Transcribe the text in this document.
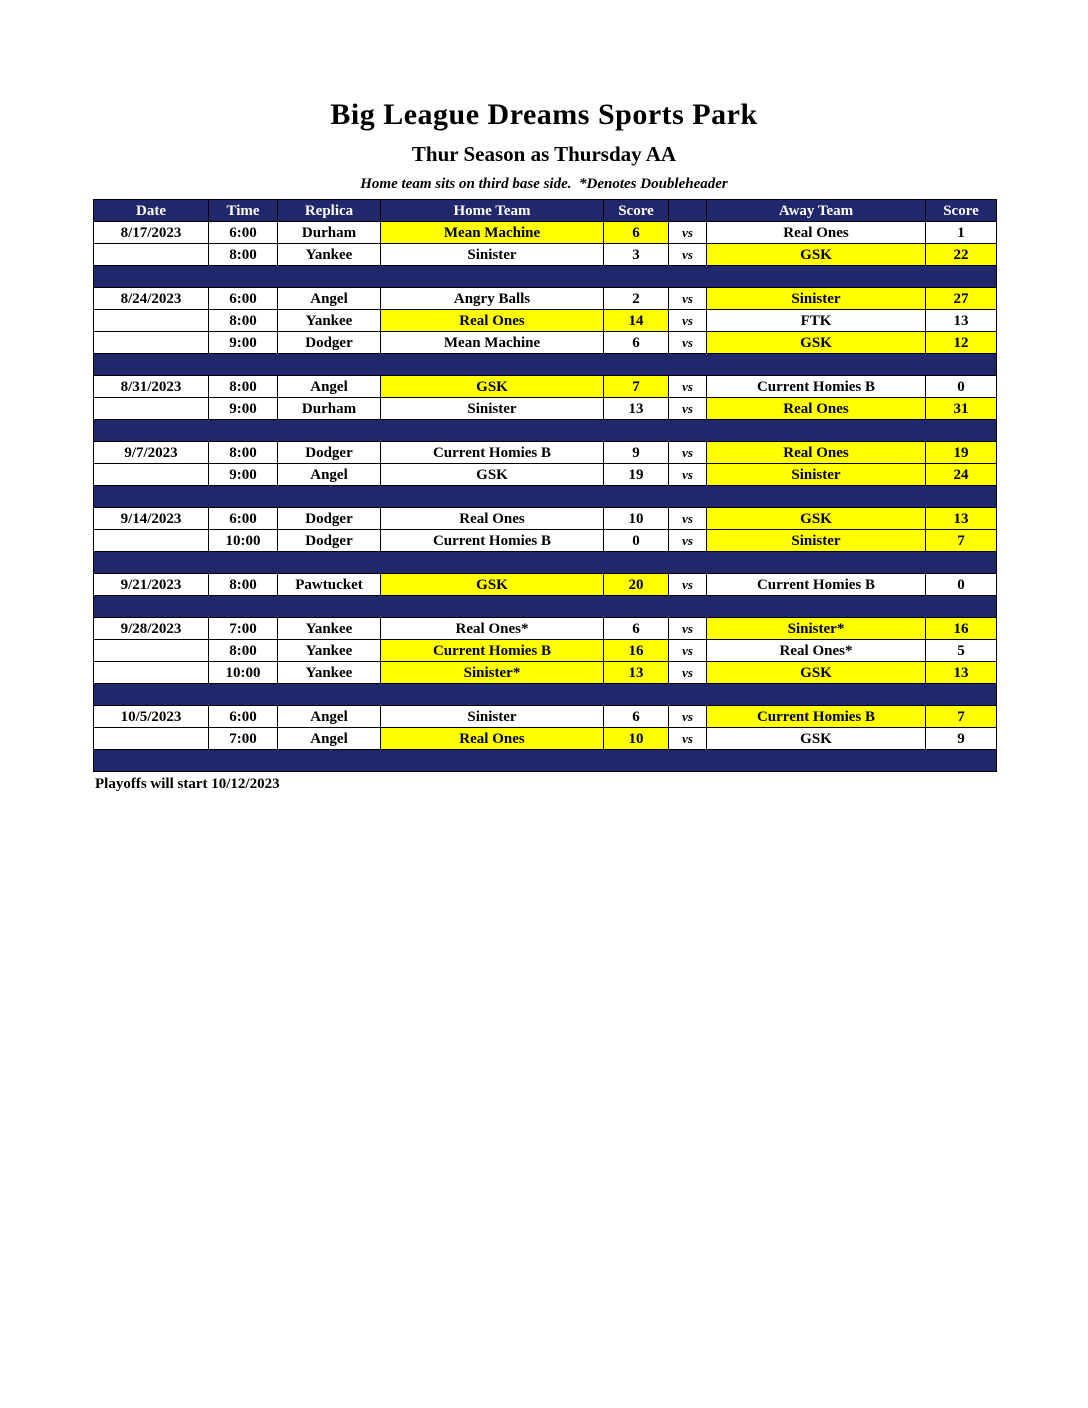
Big League Dreams Sports Park
Thur Season as Thursday AA
Home team sits on third base side.  *Denotes Doubleheader
Date	Time	Replica	Home Team	Score		Away Team	Score
8/17/2023	6:00	Durham	Mean Machine	6	vs	Real Ones	1
	8:00	Yankee	Sinister	3	vs	GSK	22

8/24/2023	6:00	Angel	Angry Balls	2	vs	Sinister	27
	8:00	Yankee	Real Ones	14	vs	FTK	13
	9:00	Dodger	Mean Machine	6	vs	GSK	12

8/31/2023	8:00	Angel	GSK	7	vs	Current Homies B	0
	9:00	Durham	Sinister	13	vs	Real Ones	31

9/7/2023	8:00	Dodger	Current Homies B	9	vs	Real Ones	19
	9:00	Angel	GSK	19	vs	Sinister	24

9/14/2023	6:00	Dodger	Real Ones	10	vs	GSK	13
	10:00	Dodger	Current Homies B	0	vs	Sinister	7

9/21/2023	8:00	Pawtucket	GSK	20	vs	Current Homies B	0

9/28/2023	7:00	Yankee	Real Ones*	6	vs	Sinister*	16
	8:00	Yankee	Current Homies B	16	vs	Real Ones*	5
	10:00	Yankee	Sinister*	13	vs	GSK	13

10/5/2023	6:00	Angel	Sinister	6	vs	Current Homies B	7
	7:00	Angel	Real Ones	10	vs	GSK	9

Playoffs will start 10/12/2023
